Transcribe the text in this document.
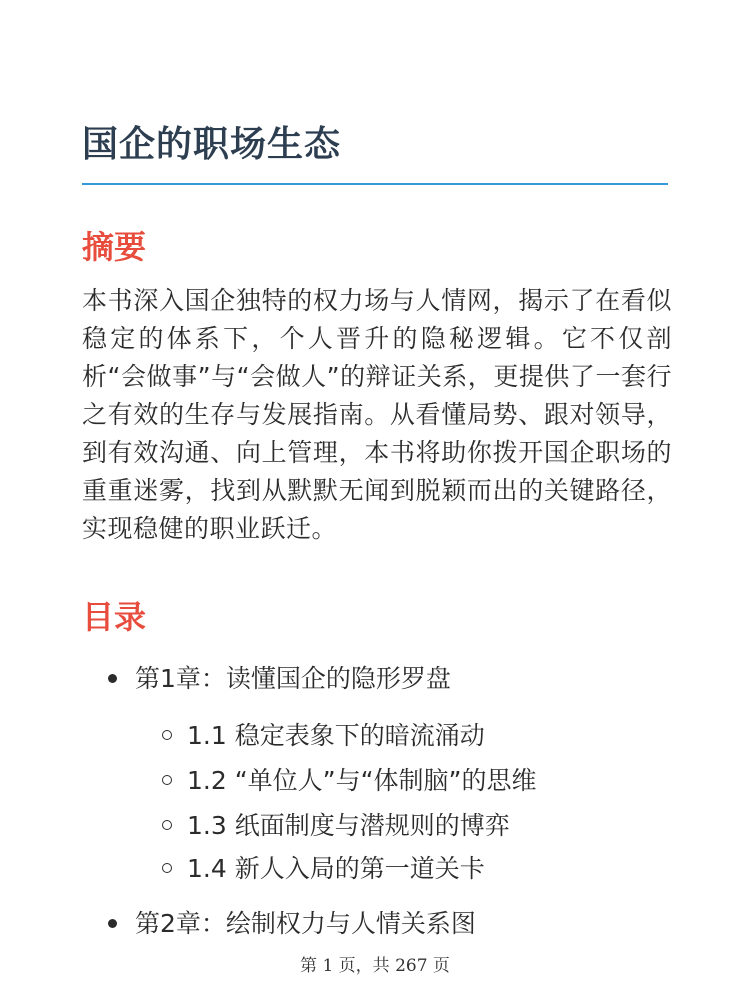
国企的职场生态
摘要

本书深入国企独特的权力场与人情网，揭示了在看似稳定的体系下，个人晋升的隐秘逻辑。它不仅剖析“会做事”与“会做人”的辩证关系，更提供了一套行之有效的生存与发展指南。从看懂局势、跟对领导，到有效沟通、向上管理，本书将助你拨开国企职场的重重迷雾，找到从默默无闻到脱颖而出的关键路径，实现稳健的职业跃迁。

目录
第1章：读懂国企的隐形罗盘
1.1 稳定表象下的暗流涌动
1.2 “单位人”与“体制脑”的思维
1.3 纸面制度与潜规则的博弈
1.4 新人入局的第一道关卡
第2章：绘制权力与人情关系图
第 1 页，共 267 页
